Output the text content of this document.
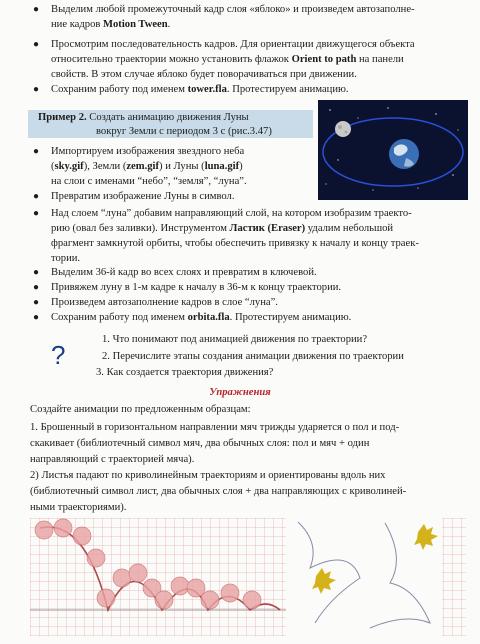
● Выделим любой промежуточный кадр слоя «яблоко» и произведем автозаполне-
ние кадров Motion Tween.
● Просмотрим последовательность кадров. Для ориентации движущегося объекта
относительно траектории можно установить флажок Orient to path на панели
свойств. В этом случае яблоко будет поворачиваться при движении.
● Сохраним работу под именем tower.fla. Протестируем анимацию.
Пример 2. Создать анимацию движения Луны
вокруг Земли с периодом 3 с (рис.3.47)
● Импортируем изображения звездного неба
(sky.gif), Земли (zem.gif) и Луны (luna.gif)
на слои с именами “небо”, “земля”, “луна”.
● Превратим изображение Луны в символ.
● Над слоем “луна” добавим направляющий слой, на котором изобразим траекто-
рию (овал без заливки). Инструментом Ластик (Eraser) удалим небольшой
фрагмент замкнутой орбиты, чтобы обеспечить привязку к началу и концу траек-
тории.
● Выделим 36-й кадр во всех слоях и превратим в ключевой.
● Привяжем луну в 1-м кадре к началу в 36-м к концу траектории.
● Произведем автозаполнение кадров в слое “луна”.
● Сохраним работу под именем orbita.fla. Протестируем анимацию.
?
1. Что понимают под анимацией движения по траектории?
2. Перечислите этапы создания анимации движения по траектории
3. Как создается траектория движения?
Упражнения
Создайте анимации по предложенным образцам:
1. Брошенный в горизонтальном направлении мяч трижды ударяется о пол и под-
скакивает (библиотечный символ мяч, два обычных слоя: пол и мяч + один
направляющий с траекторией мяча).
2) Листья падают по криволинейным траекториям и ориентированы вдоль них
(библиотечный символ лист, два обычных слоя + два направляющих с криволиней-
ными траекториями).
